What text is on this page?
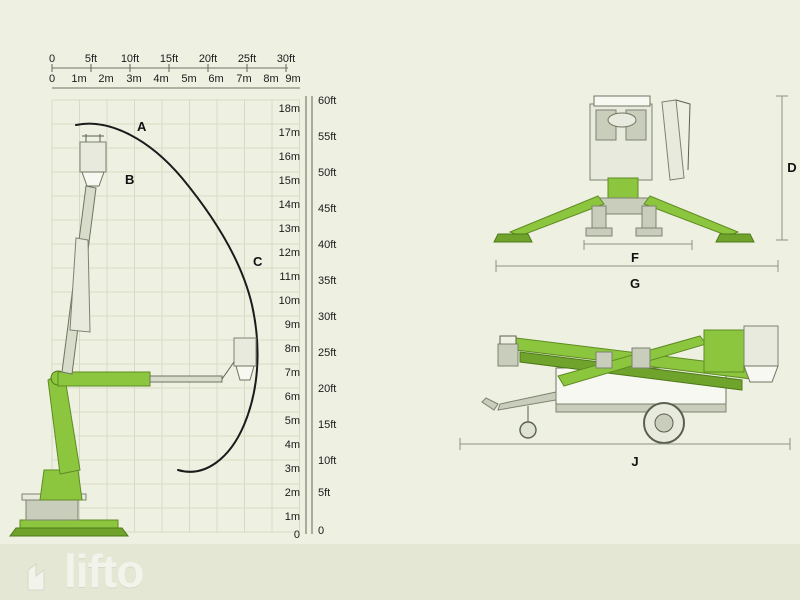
0	5ft 10ft 15ft 20ft 25ft 30ft
0 1m 2m 3m 4m 5m 6m 7m 8m 9m
18m
17m
16m
15m
14m
13m
12m
11m
10m
9m
8m
7m
6m
5m
4m
3m
2m
1m
0
60ft
55ft
50ft
45ft
40ft
35ft
30ft
25ft
20ft
15ft
10ft
5ft
0
A
B
C
D
F
G
J
lifto
